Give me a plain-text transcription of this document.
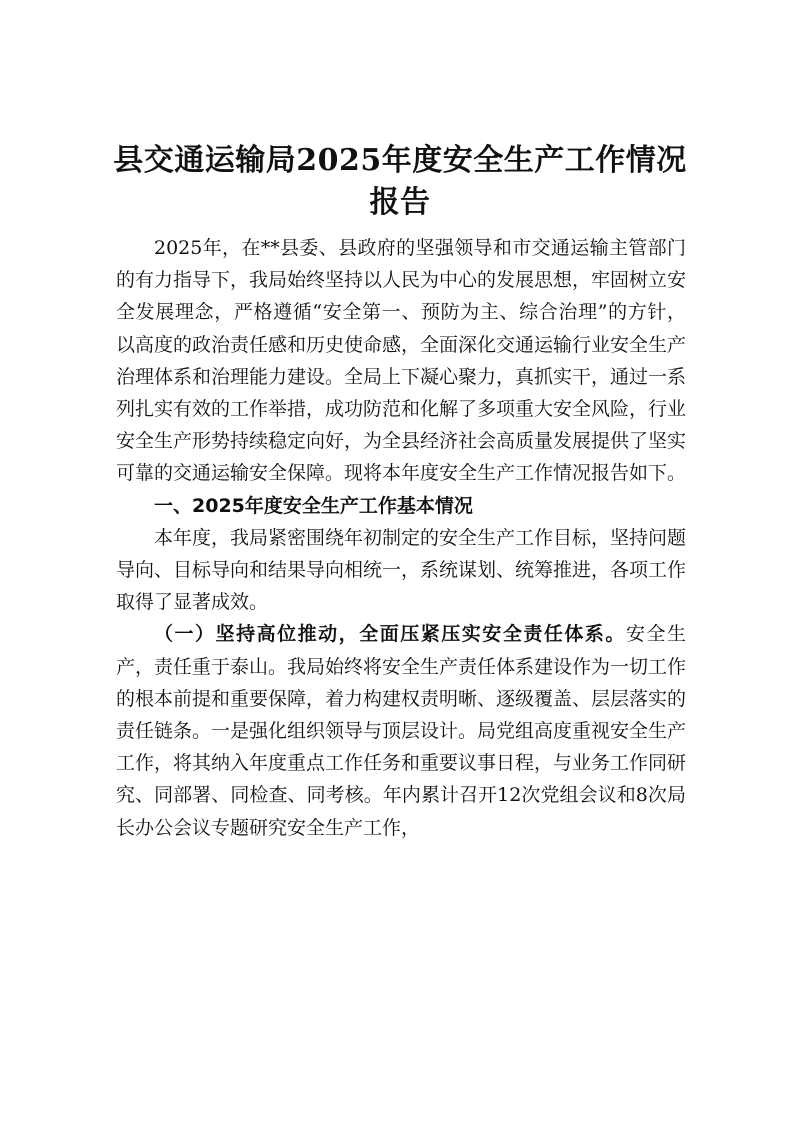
县交通运输局2025年度安全生产工作情况报告

2025年，在**县委、县政府的坚强领导和市交通运输主管部门的有力指导下，我局始终坚持以人民为中心的发展思想，牢固树立安全发展理念，严格遵循“安全第一、预防为主、综合治理”的方针，以高度的政治责任感和历史使命感，全面深化交通运输行业安全生产治理体系和治理能力建设。全局上下凝心聚力，真抓实干，通过一系列扎实有效的工作举措，成功防范和化解了多项重大安全风险，行业安全生产形势持续稳定向好，为全县经济社会高质量发展提供了坚实可靠的交通运输安全保障。现将本年度安全生产工作情况报告如下。

一、2025年度安全生产工作基本情况

本年度，我局紧密围绕年初制定的安全生产工作目标，坚持问题导向、目标导向和结果导向相统一，系统谋划、统筹推进，各项工作取得了显著成效。

（一）坚持高位推动，全面压紧压实安全责任体系。安全生产，责任重于泰山。我局始终将安全生产责任体系建设作为一切工作的根本前提和重要保障，着力构建权责明晰、逐级覆盖、层层落实的责任链条。一是强化组织领导与顶层设计。局党组高度重视安全生产工作，将其纳入年度重点工作任务和重要议事日程，与业务工作同研究、同部署、同检查、同考核。年内累计召开12次党组会议和8次局长办公会议专题研究安全生产工作，
